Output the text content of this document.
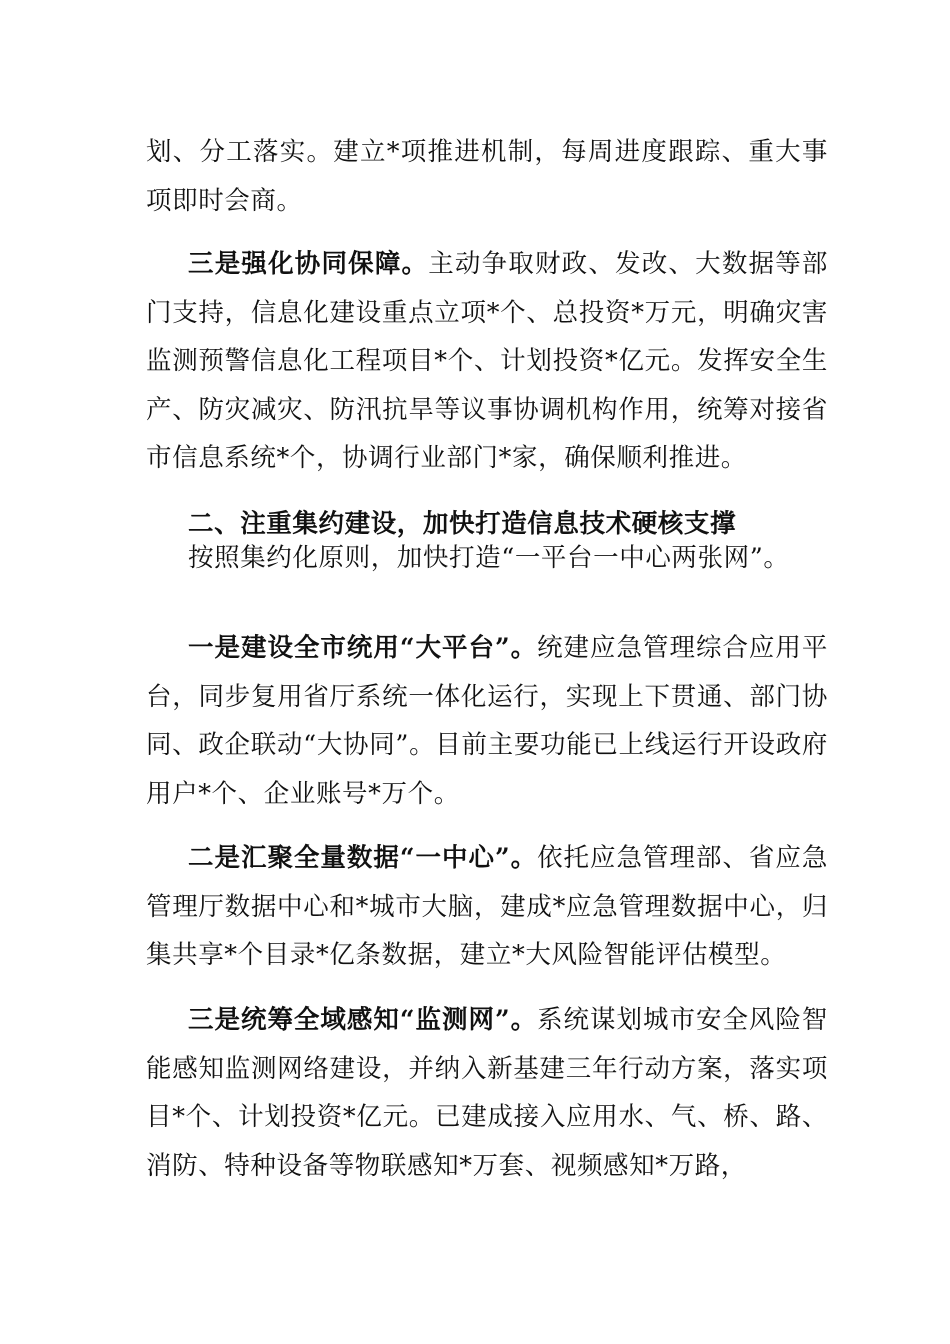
划、分工落实。建立*项推进机制，每周进度跟踪、重大事项即时会商。

三是强化协同保障。主动争取财政、发改、大数据等部门支持，信息化建设重点立项*个、总投资*万元，明确灾害监测预警信息化工程项目*个、计划投资*亿元。发挥安全生产、防灾减灾、防汛抗旱等议事协调机构作用，统筹对接省市信息系统*个，协调行业部门*家，确保顺利推进。

二、注重集约建设，加快打造信息技术硬核支撑

按照集约化原则，加快打造“一平台一中心两张网”。

一是建设全市统用“大平台”。统建应急管理综合应用平台，同步复用省厅系统一体化运行，实现上下贯通、部门协同、政企联动“大协同”。目前主要功能已上线运行开设政府用户*个、企业账号*万个。

二是汇聚全量数据“一中心”。依托应急管理部、省应急管理厅数据中心和*城市大脑，建成*应急管理数据中心，归集共享*个目录*亿条数据，建立*大风险智能评估模型。

三是统筹全域感知“监测网”。系统谋划城市安全风险智能感知监测网络建设，并纳入新基建三年行动方案，落实项目*个、计划投资*亿元。已建成接入应用水、气、桥、路、消防、特种设备等物联感知*万套、视频感知*万路，
